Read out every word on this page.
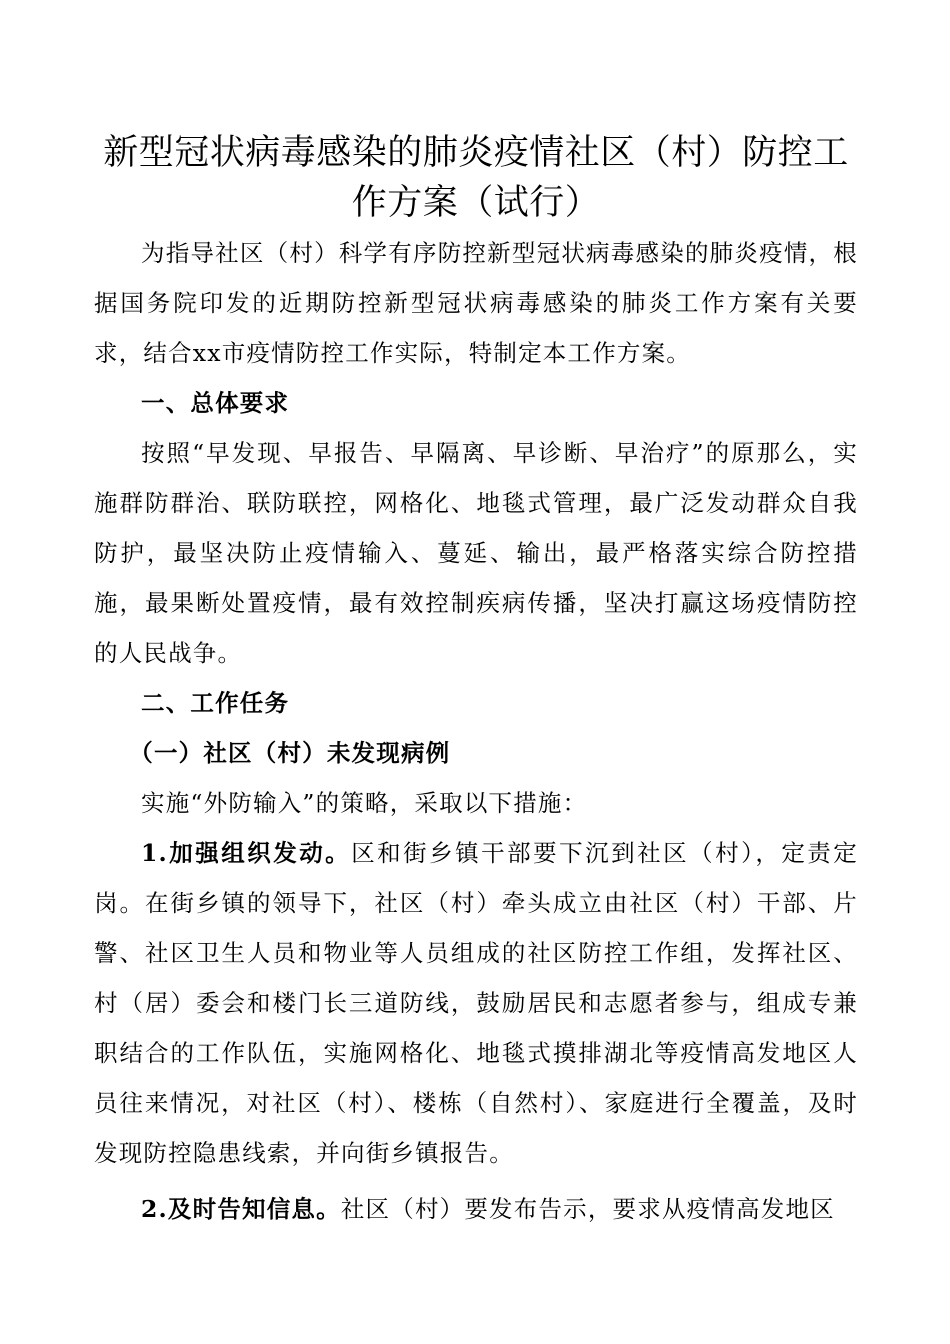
新型冠状病毒感染的肺炎疫情社区（村）防控工作方案（试行）

为指导社区（村）科学有序防控新型冠状病毒感染的肺炎疫情，根据国务院印发的近期防控新型冠状病毒感染的肺炎工作方案有关要求，结合xx市疫情防控工作实际，特制定本工作方案。

一、总体要求

按照“早发现、早报告、早隔离、早诊断、早治疗”的原那么，实施群防群治、联防联控，网格化、地毯式管理，最广泛发动群众自我防护，最坚决防止疫情输入、蔓延、输出，最严格落实综合防控措施，最果断处置疫情，最有效控制疾病传播，坚决打赢这场疫情防控的人民战争。

二、工作任务

（一）社区（村）未发现病例

实施“外防输入”的策略，采取以下措施：

1.加强组织发动。区和街乡镇干部要下沉到社区（村），定责定岗。在街乡镇的领导下，社区（村）牵头成立由社区（村）干部、片警、社区卫生人员和物业等人员组成的社区防控工作组，发挥社区、村（居）委会和楼门长三道防线，鼓励居民和志愿者参与，组成专兼职结合的工作队伍，实施网格化、地毯式摸排湖北等疫情高发地区人员往来情况，对社区（村）、楼栋（自然村）、家庭进行全覆盖，及时发现防控隐患线索，并向街乡镇报告。

2.及时告知信息。社区（村）要发布告示，要求从疫情高发地区
